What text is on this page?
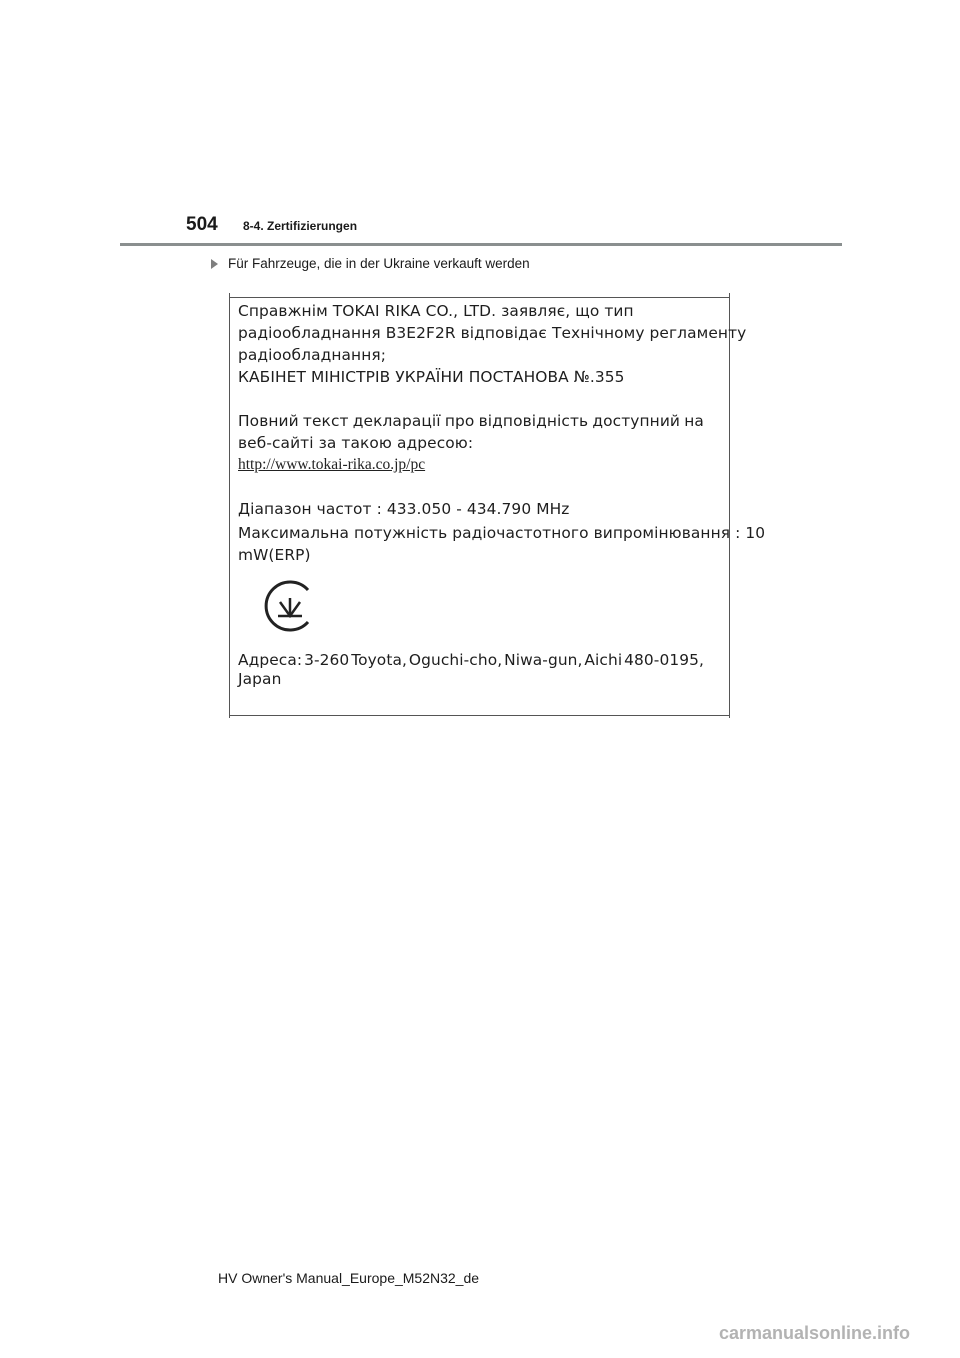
504 8-4. Zertifizierungen
Für Fahrzeuge, die in der Ukraine verkauft werden
Справжнім TOKAI RIKA CO., LTD. заявляє, що тип
радіообладнання B3E2F2R відповідає Технічному регламенту
радіообладнання;
КАБІНЕТ МІНІСТРІВ УКРАЇНИ ПОСТАНОВА №.355
Повний текст декларації про відповідність доступний на
веб-сайті за такою адресою:
http://www.tokai-rika.co.jp/pc
Діапазон частот : 433.050 - 434.790 MHz
Максимальна потужність радіочастотного випромінювання : 10
mW(ERP)
Адреса: 3-260 Toyota, Oguchi-cho, Niwa-gun, Aichi 480-0195,
Japan
HV Owner's Manual_Europe_M52N32_de
carmanualsonline.info
